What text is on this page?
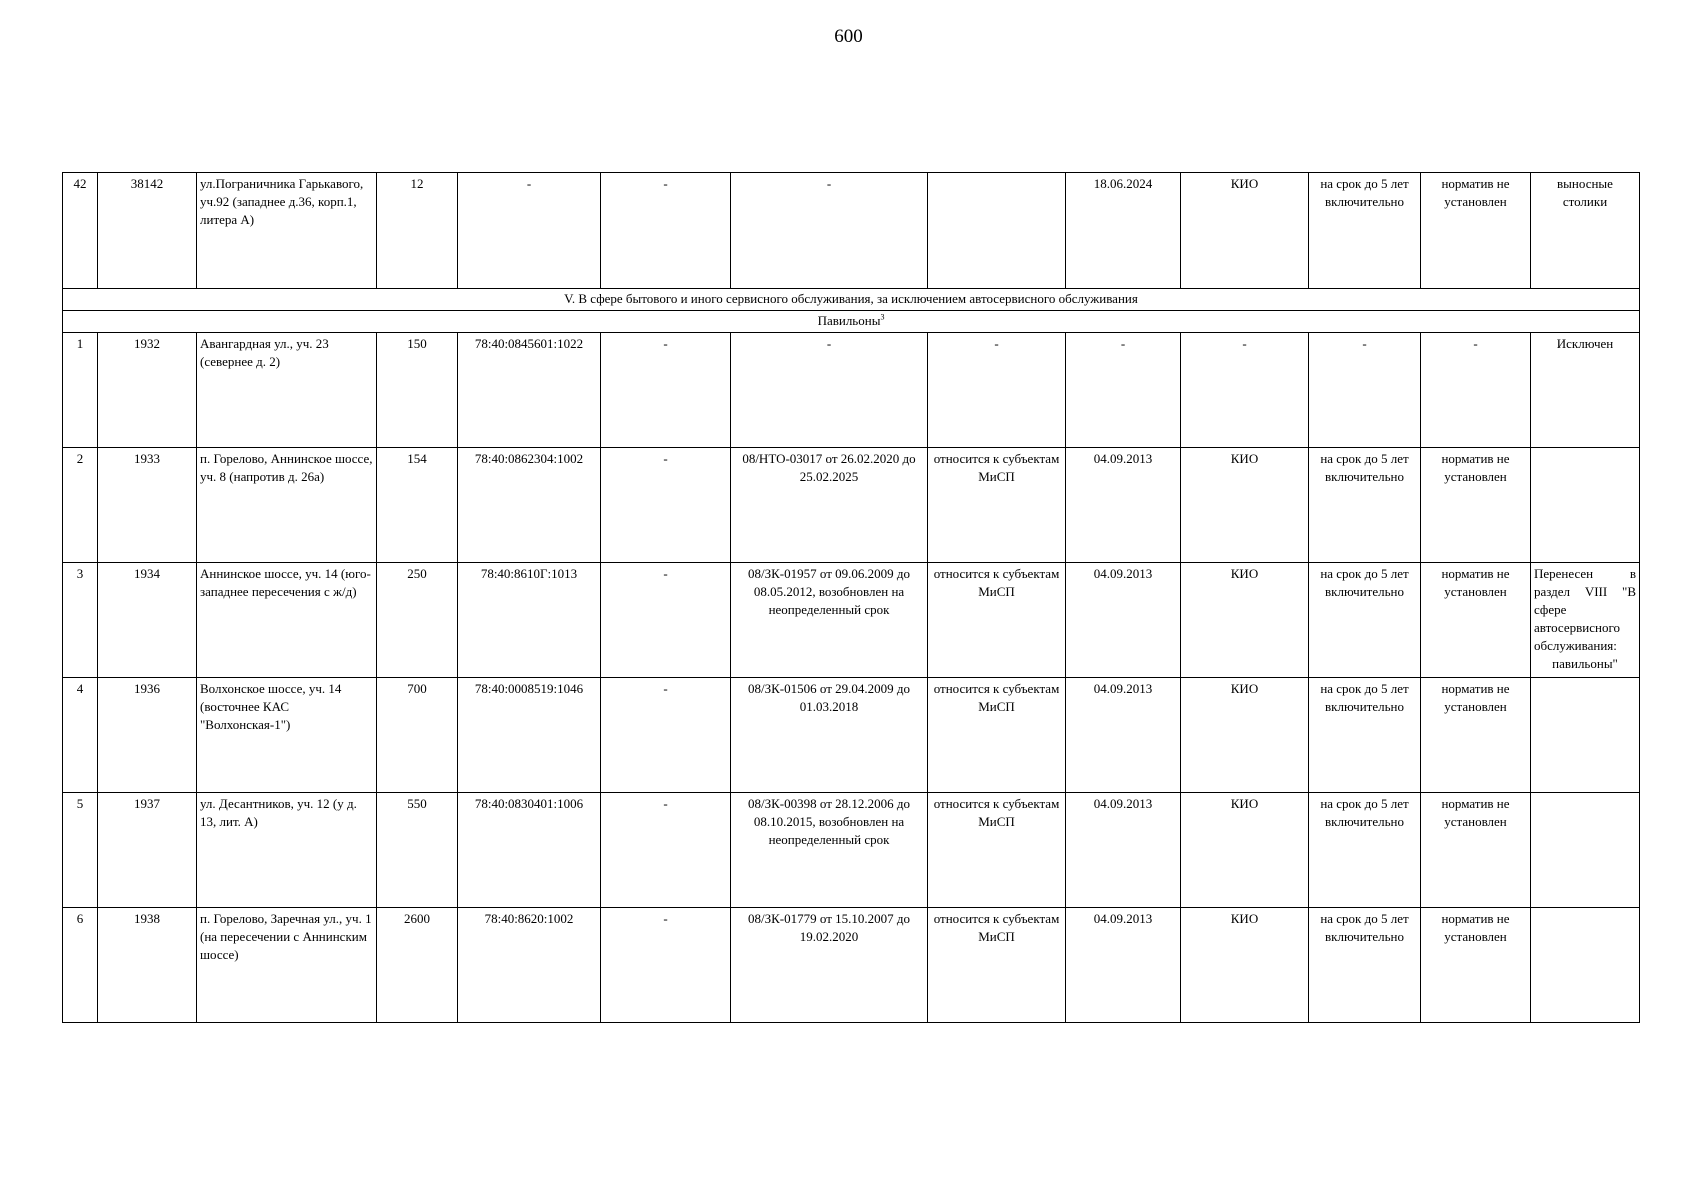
600
42	38142	ул.Пограничника Гарькавого, уч.92 (западнее д.36, корп.1, литера А)	12	-	-	-		18.06.2024	КИО	на срок до 5 лет включительно	норматив не установлен	выносные столики
V. В сфере бытового и иного сервисного обслуживания, за исключением автосервисного обслуживания												
Павильоны$^3$
1	1932	Авангардная ул., уч. 23 (севернее д. 2)	150	78:40:0845601:1022	-	-	-	-	-	-	-	Исключен
2	1933	п. Горелово, Аннинское шоссе, уч. 8 (напротив д. 26а)	154	78:40:0862304:1002	-	08/НТО-03017 от 26.02.2020 до 25.02.2025	относится к субъектам МиСП	04.09.2013	КИО	на срок до 5 лет включительно	норматив не установлен	
3	1934	Аннинское шоссе, уч. 14 (юго-западнее пересечения с ж/д)	250	78:40:8610Г:1013	-	08/ЗК-01957 от 09.06.2009 до 08.05.2012, возобновлен на неопределенный срок	относится к субъектам МиСП	04.09.2013	КИО	на срок до 5 лет включительно	норматив не установлен	Перенесен в раздел VIII "В сфере автосервисного обслуживания: павильоны"
4	1936	Волхонское шоссе, уч. 14 (восточнее КАС "Волхонская-1")	700	78:40:0008519:1046	-	08/ЗК-01506 от 29.04.2009 до 01.03.2018	относится к субъектам МиСП	04.09.2013	КИО	на срок до 5 лет включительно	норматив не установлен	
5	1937	ул. Десантников, уч. 12 (у д. 13, лит. А)	550	78:40:0830401:1006	-	08/ЗК-00398 от 28.12.2006 до 08.10.2015, возобновлен на неопределенный срок	относится к субъектам МиСП	04.09.2013	КИО	на срок до 5 лет включительно	норматив не установлен	
6	1938	п. Горелово, Заречная ул., уч. 1 (на пересечении с Аннинским шоссе)	2600	78:40:8620:1002	-	08/ЗК-01779 от 15.10.2007 до 19.02.2020	относится к субъектам МиСП	04.09.2013	КИО	на срок до 5 лет включительно	норматив не установлен	
